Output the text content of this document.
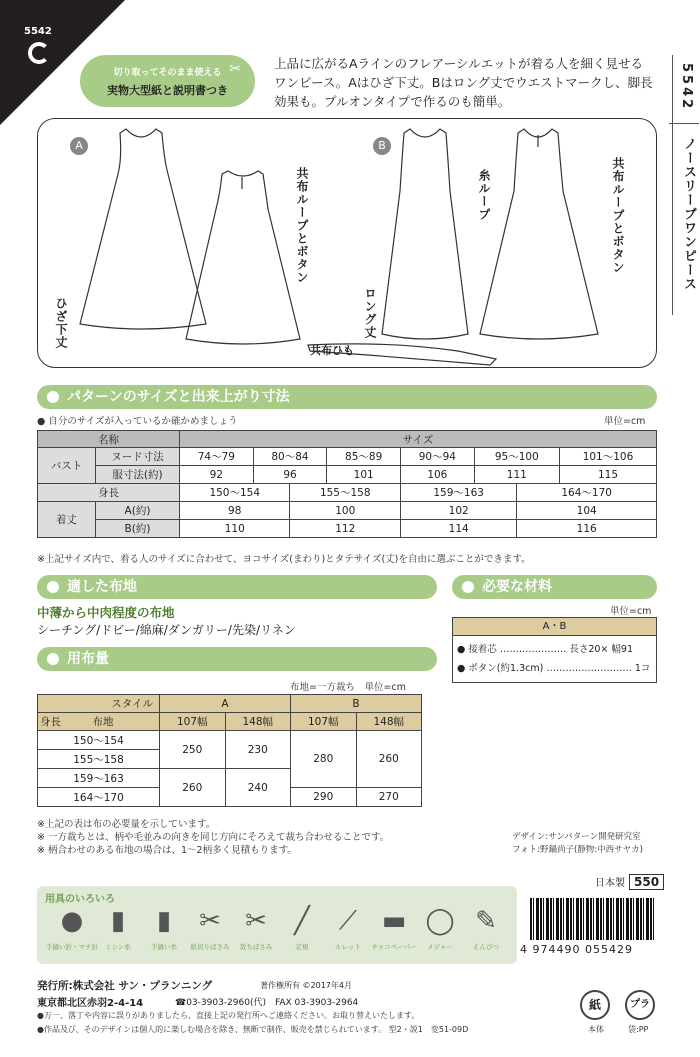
5542
切り取ってそのまま使える
実物大型紙と説明書つき
✂	上品に広がるAラインのフレアーシルエットが着る人を細く見せるワンピース。Aはひざ下丈。Bはロング丈でウエストマークし、脚長効果も。プルオンタイプで作るのも簡単。	5542
ノースリーブワンピース
A	B
ひざ下丈
共布ループとボタン
ロング丈
糸ループ	共布ループとボタン
共布ひも
パターンのサイズと出来上がり寸法
● 自分のサイズが入っているか確かめましょう	単位=cm
名称		サイズ							
バスト	ヌード寸法	74〜79	80〜84		85〜89	90〜94	95〜100		101〜106
	服寸法(約)	92	96		101	106	111		115
身長		150〜154		155〜158		159〜163		164〜170	
着丈	A(約)	98		100		102		104	
	B(約)	110		112		114		116	
※上記サイズ内で、着る人のサイズに合わせて、ヨコサイズ(まわり)とタテサイズ(丈)を自由に選ぶことができます。
適した布地
中薄から中肉程度の布地
シーチング/ドビー/綿麻/ダンガリー/先染/リネン
必要な材料
単位=cm
A・B
● 接着芯 ………………… 長さ20× 幅91
● ボタン(約1.3cm) ……………………… 1コ
用布量
布地=一方裁ち　単位=cm
スタイル	A		B	
身長　　　 布地	107幅	148幅	107幅	148幅
150〜154	250	230	280	260
155〜158				
159〜163	260	240		
164〜170			290	270
※上記の表は布の必要量を示しています。
※ 一方裁ちとは、柄や毛並みの向きを同じ方向にそろえて裁ち合わせることです。
※ 柄合わせのある布地の場合は、1〜2柄多く見積もります。
デザイン:サンパターン開発研究室
フォト:野鍋尚子(静物:中西サヤカ)
日本製 550
用具のいろいろ
●
手縫い針・マチ針
▮
ミシン糸
▮
手縫い糸
✂
紙切りばさみ
✂
裁ちばさみ
╱
定規
⟋
ルレット
▬
チャコペーパー
◯
メジャー
✎
えんぴつ	4 974490 055429
発行所:株式会社 サン・プランニング	著作権所有 ©2017年4月
東京都北区赤羽2-4-14	☎03-3903-2960(代)　FAX 03-3903-2964
●万一、落丁や内容に誤りがありましたら、直接上記の発行所へご連絡ください。お取り替えいたします。
●作品及び、そのデザインは個人的に楽しむ場合を除き、無断で制作、販売を禁じられています。 型2・説1　変51-09D
紙
本体
プラ
袋:PP
